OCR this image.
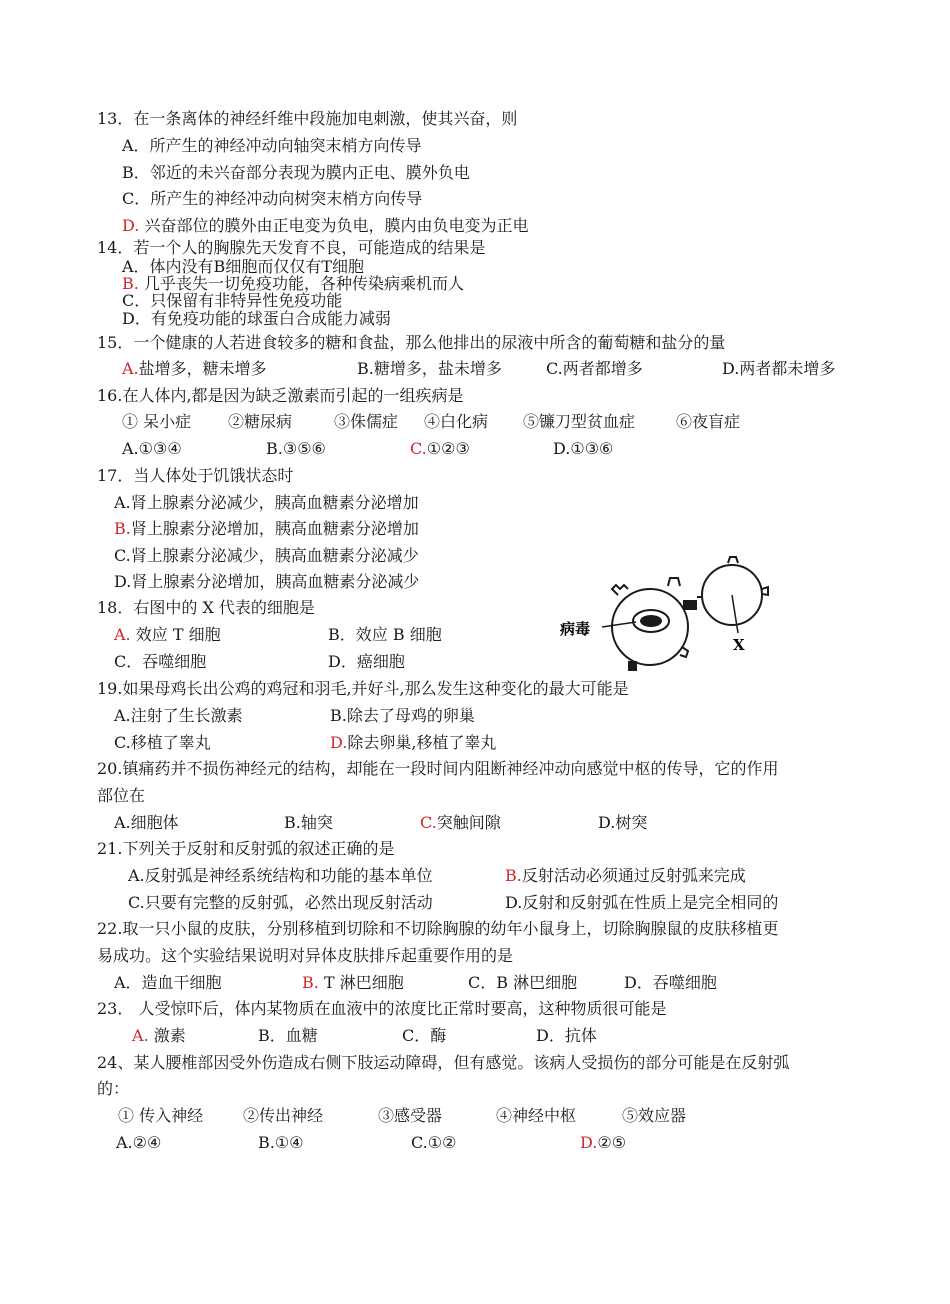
13．在一条离体的神经纤维中段施加电刺激，使其兴奋，则
A．所产生的神经冲动向轴突末梢方向传导
B．邻近的未兴奋部分表现为膜内正电、膜外负电
C．所产生的神经冲动向树突末梢方向传导
D. 兴奋部位的膜外由正电变为负电，膜内由负电变为正电
14．若一个人的胸腺先天发育不良，可能造成的结果是
A．体内没有B细胞而仅仅有T细胞
B. 几乎丧失一切免疫功能，各种传染病乘机而人
C．只保留有非特异性免疫功能
D．有免疫功能的球蛋白合成能力减弱
15．一个健康的人若进食较多的糖和食盐，那么他排出的尿液中所含的葡萄糖和盐分的量
A.盐增多，糖未增多	B.糖增多，盐未增多	C.两者都增多	D.两者都未增多
16.在人体内,都是因为缺乏激素而引起的一组疾病是
① 呆小症 ②糖尿病	③侏儒症 ④白化病 ⑤镰刀型贫血症	⑥夜盲症
A.①③④	B.③⑤⑥	C.①②③	D.①③⑥
17．当人体处于饥饿状态时
A.肾上腺素分泌减少，胰高血糖素分泌增加
B.肾上腺素分泌增加，胰高血糖素分泌增加
C.肾上腺素分泌减少，胰高血糖素分泌减少
D.肾上腺素分泌增加，胰高血糖素分泌减少
18．右图中的 X 代表的细胞是
A. 效应 T 细胞	B．效应 B 细胞
C．吞噬细胞	D．癌细胞
病毒
X
19.如果母鸡长出公鸡的鸡冠和羽毛,并好斗,那么发生这种变化的最大可能是
A.注射了生长激素	B.除去了母鸡的卵巢
C.移植了睾丸	D.除去卵巢,移植了睾丸
20.镇痛药并不损伤神经元的结构，却能在一段时间内阻断神经冲动向感觉中枢的传导，它的作用
部位在
A.细胞体	B.轴突	C.突触间隙	D.树突
21.下列关于反射和反射弧的叙述正确的是
A.反射弧是神经系统结构和功能的基本单位	B.反射活动必须通过反射弧来完成
C.只要有完整的反射弧，必然出现反射活动	D.反射和反射弧在性质上是完全相同的
22.取一只小鼠的皮肤，分别移植到切除和不切除胸腺的幼年小鼠身上，切除胸腺鼠的皮肤移植更
易成功。这个实验结果说明对异体皮肤排斥起重要作用的是
A．造血干细胞	B. T 淋巴细胞	C．B 淋巴细胞	D．吞噬细胞
23． 人受惊吓后，体内某物质在血液中的浓度比正常时要高，这种物质很可能是
A. 激素	B．血糖	C．酶	D．抗体
24、某人腰椎部因受外伤造成右侧下肢运动障碍，但有感觉。该病人受损伤的部分可能是在反射弧
的：
① 传入神经 ②传出神经	③感受器	④神经中枢	⑤效应器
A.②④	B.①④	C.①②	D.②⑤
